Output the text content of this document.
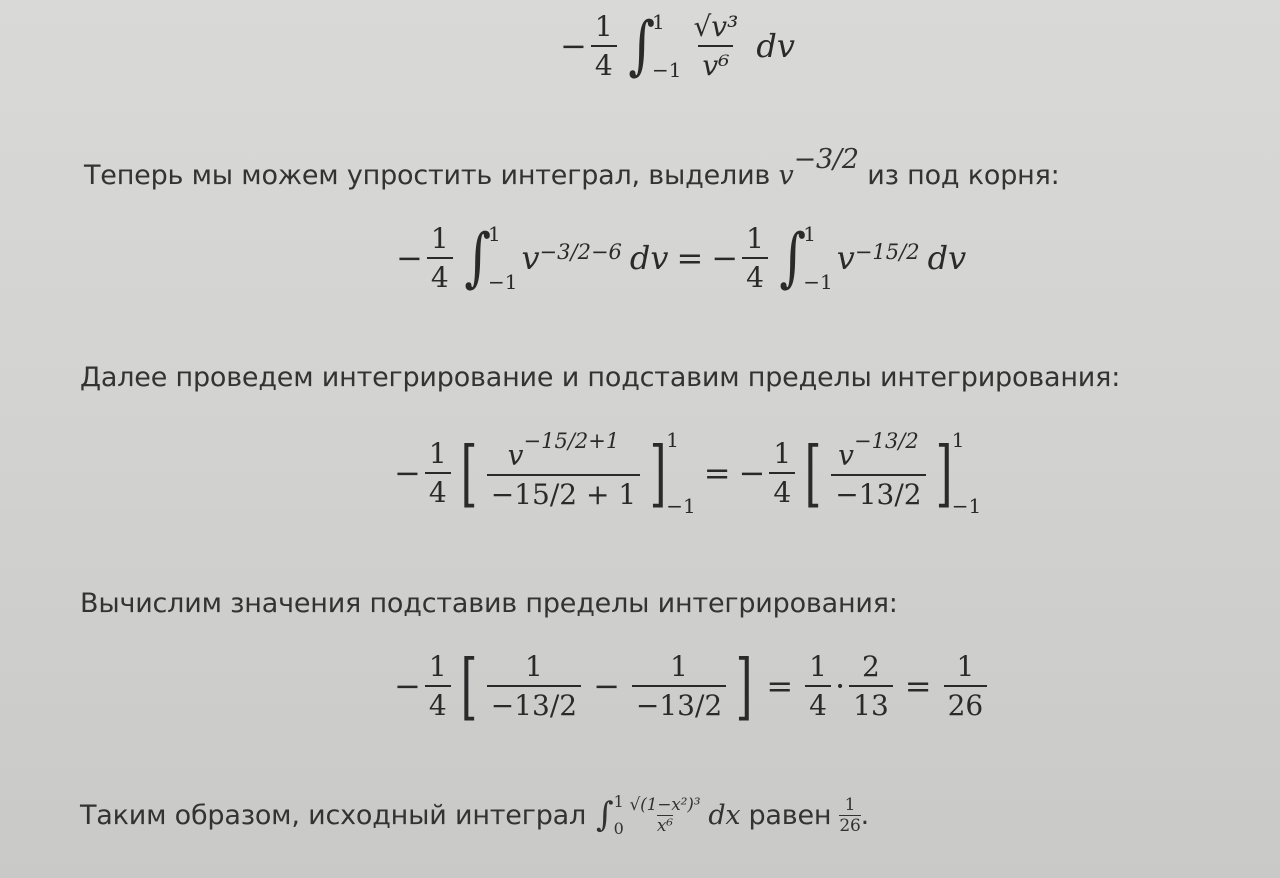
− $\frac{1}{4}$ ∫
1
$-1 \frac{\text{√v³}}{\text{v⁶}}$ dv
Теперь мы можем упростить интеграл, выделив v−3/2 из под корня:
− $\frac{1}{4}$ ∫
1
−1
v −3/2−6 dv = − $\frac{1}{4}$ ∫
1
−1
v −15/2 dv
Далее проведем интегрирование и подставим пределы интегрирования:
− $\frac{1}{4}$ [ $\frac{v^{-15/2+1}}{-15/2 + 1}$ ] 1
−1
= − $\frac{1}{4}$ [ $\frac{v^{-13/2}}{-13/2}$ ] 1
−1
Вычислим значения подставив пределы интегрирования:
− $\frac{1}{4}$ [ $\frac{1}{-13/2} - \frac{1}{-13/2}$ ] = $\frac{1}{4} \cdot \frac{2}{13} = \frac{1}{26}$
Таким образом, исходный интеграл ∫ 1
$0 \frac{\text{√(1−x²)³}}{\text{x⁶}}$ dx равен $\frac{1}{26}$ .
